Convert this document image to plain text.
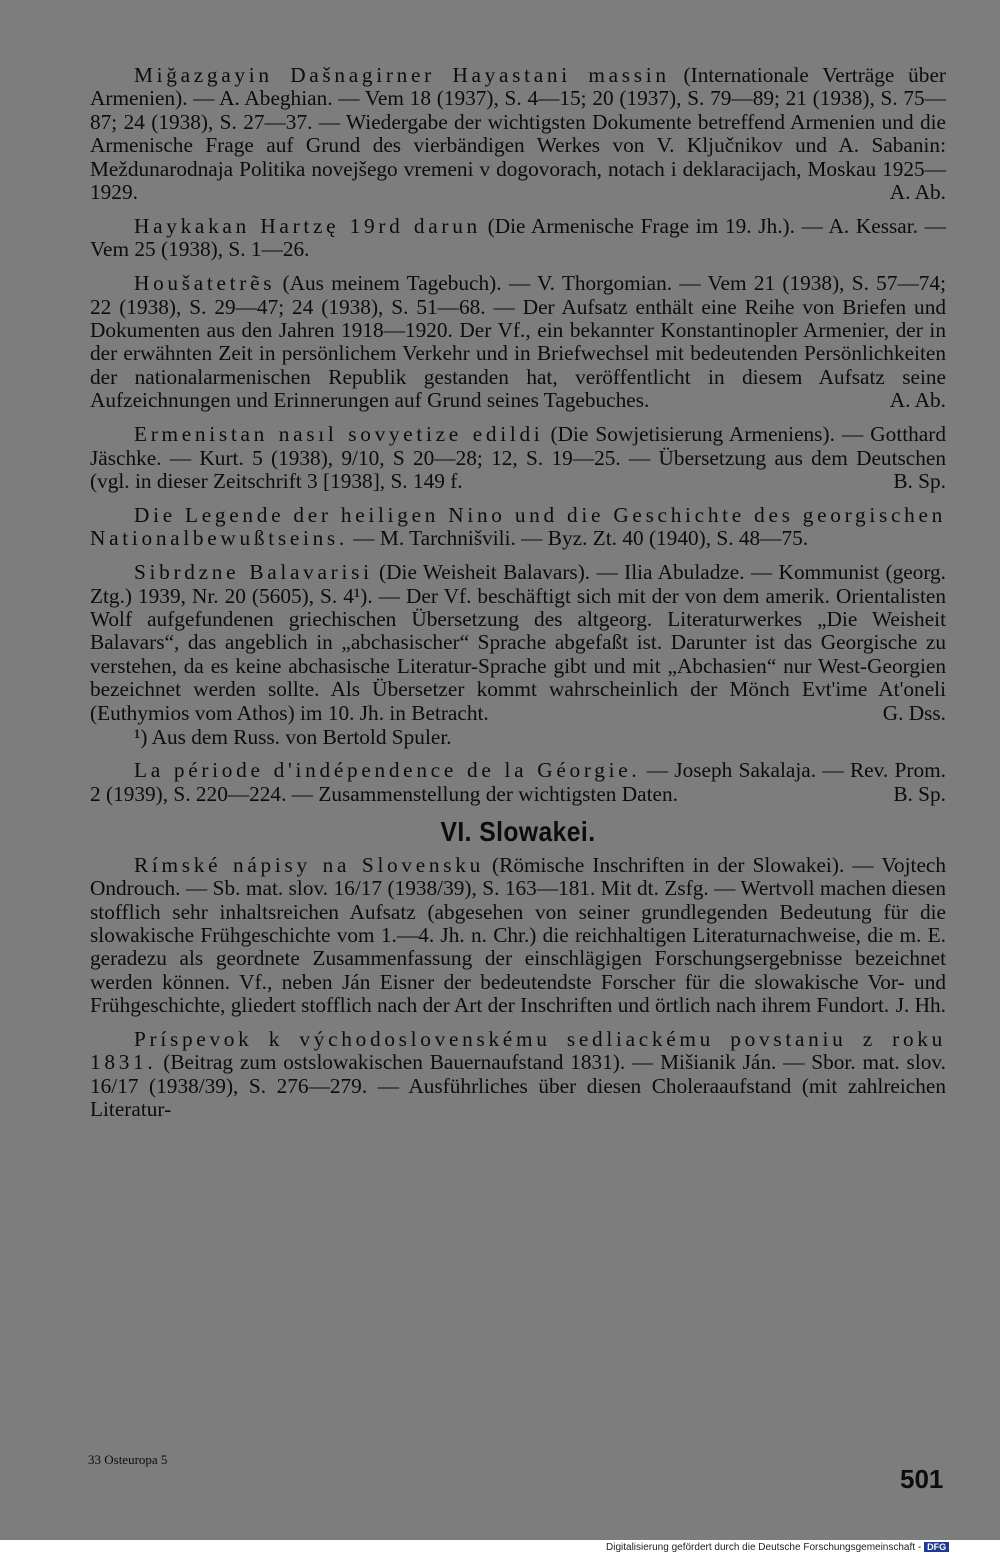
Miğazgayin Dašnagirner Hayastani massin (Internationale Verträge über Armenien). — A. Abeghian. — Vem 18 (1937), S. 4—15; 20 (1937), S. 79—89; 21 (1938), S. 75—87; 24 (1938), S. 27—37. — Wiedergabe der wichtigsten Dokumente betreffend Armenien und die Armenische Frage auf Grund des vierbändigen Werkes von V. Ključnikov und A. Sabanin: Meždunarodnaja Politika novejšego vremeni v dogovorach, notach i deklaracijach, Moskau 1925—1929.	A. Ab.

Haykakan Hartzę 19rd darun (Die Armenische Frage im 19. Jh.). — A. Kessar. — Vem 25 (1938), S. 1—26.

Houšatetrẽs (Aus meinem Tagebuch). — V. Thorgomian. — Vem 21 (1938), S. 57—74; 22 (1938), S. 29—47; 24 (1938), S. 51—68. — Der Aufsatz enthält eine Reihe von Briefen und Dokumenten aus den Jahren 1918—1920. Der Vf., ein bekannter Konstantinopler Armenier, der in der erwähnten Zeit in persönlichem Verkehr und in Briefwechsel mit bedeutenden Persönlichkeiten der nationalarmenischen Republik gestanden hat, veröffentlicht in diesem Aufsatz seine Aufzeichnungen und Erinnerungen auf Grund seines Tagebuches.	A. Ab.

Ermenistan nasıl sovyetize edildi (Die Sowjetisierung Armeniens). — Gotthard Jäschke. — Kurt. 5 (1938), 9/10, S 20—28; 12, S. 19—25. — Übersetzung aus dem Deutschen (vgl. in dieser Zeitschrift 3 [1938], S. 149 f.	B. Sp.

Die Legende der heiligen Nino und die Geschichte des georgischen Nationalbewußtseins. — M. Tarchnišvili. — Byz. Zt. 40 (1940), S. 48—75.

Sibrdzne Balavarisi (Die Weisheit Balavars). — Ilia Abuladze. — Kommunist (georg. Ztg.) 1939, Nr. 20 (5605), S. 4¹). — Der Vf. beschäftigt sich mit der von dem amerik. Orientalisten Wolf aufgefundenen griechischen Übersetzung des altgeorg. Literaturwerkes „Die Weisheit Balavars“, das angeblich in „abchasischer“ Sprache abgefaßt ist. Darunter ist das Georgische zu verstehen, da es keine abchasische Literatur-Sprache gibt und mit „Abchasien“ nur West-Georgien bezeichnet werden sollte. Als Übersetzer kommt wahrscheinlich der Mönch Evt'ime At'oneli (Euthymios vom Athos) im 10. Jh. in Betracht.	G. Dss.

¹) Aus dem Russ. von Bertold Spuler.

La période d'indépendence de la Géorgie. — Joseph Sakalaja. — Rev. Prom. 2 (1939), S. 220—224. — Zusammenstellung der wichtigsten Daten.	B. Sp.

VI. Slowakei.

Rímské nápisy na Slovensku (Römische Inschriften in der Slowakei). — Vojtech Ondrouch. — Sb. mat. slov. 16/17 (1938/39), S. 163—181. Mit dt. Zsfg. — Wertvoll machen diesen stofflich sehr inhaltsreichen Aufsatz (abgesehen von seiner grundlegenden Bedeutung für die slowakische Frühgeschichte vom 1.—4. Jh. n. Chr.) die reichhaltigen Literaturnachweise, die m. E. geradezu als geordnete Zusammenfassung der einschlägigen Forschungsergebnisse bezeichnet werden können. Vf., neben Ján Eisner der bedeutendste Forscher für die slowakische Vor- und Frühgeschichte, gliedert stofflich nach der Art der Inschriften und örtlich nach ihrem Fundort. J. Hh.

Príspevok k východoslovenskému sedliackému povstaniu z roku 1831. (Beitrag zum ostslowakischen Bauernaufstand 1831). — Mišianik Ján. — Sbor. mat. slov. 16/17 (1938/39), S. 276—279. — Ausführliches über diesen Choleraaufstand (mit zahlreichen Literatur-

33 Osteuropa 5
501
Digitalisierung gefördert durch die Deutsche Forschungsgemeinschaft - DFG
